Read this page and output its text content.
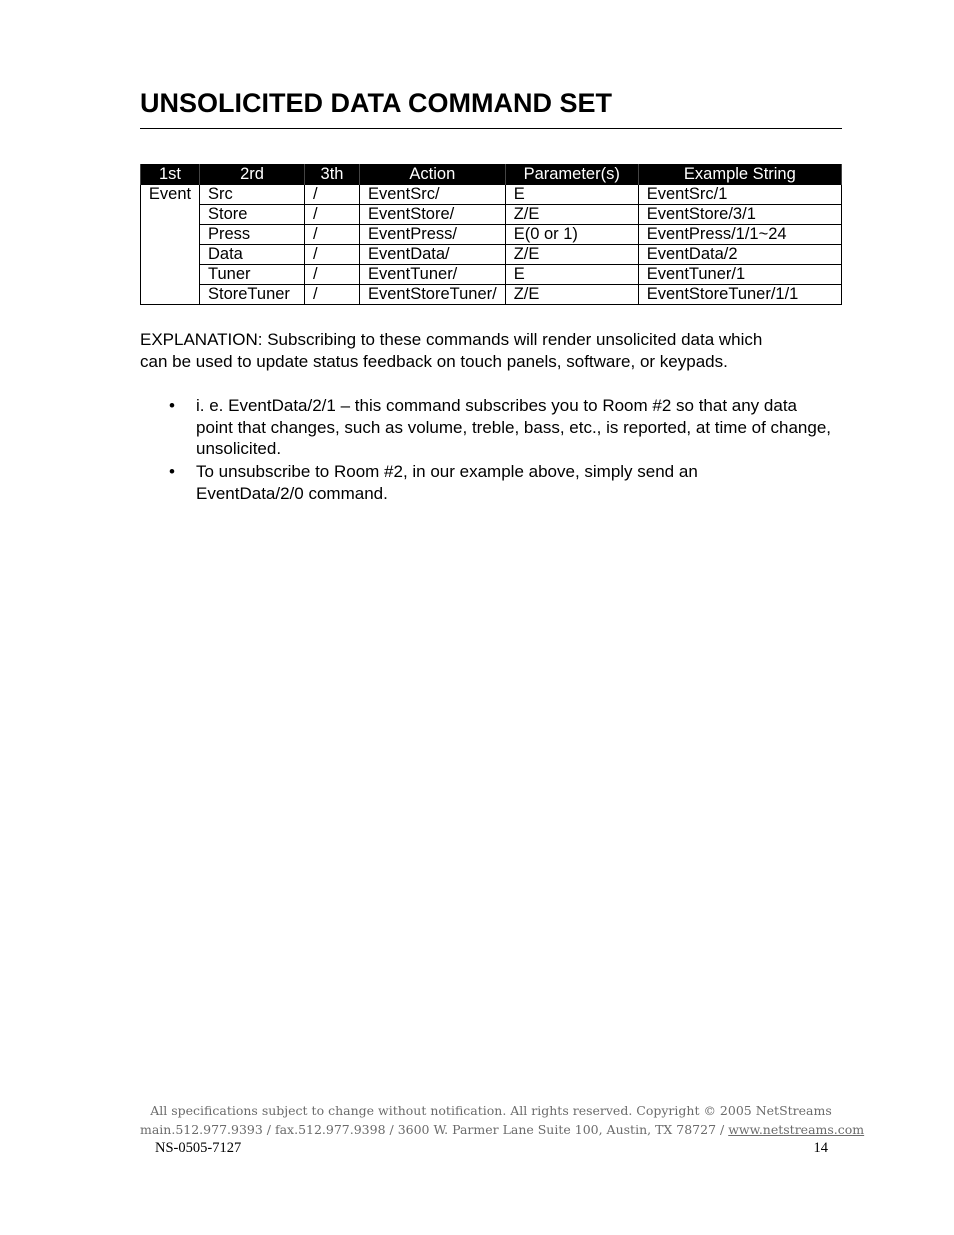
UNSOLICITED DATA COMMAND SET
1st	2rd	3th	Action	Parameter(s)	Example String
Event	Src	/	EventSrc/	E	EventSrc/1
	Store	/	EventStore/	Z/E	EventStore/3/1
	Press	/	EventPress/	E(0 or 1)	EventPress/1/1~24
	Data	/	EventData/	Z/E	EventData/2
	Tuner	/	EventTuner/	E	EventTuner/1
	StoreTuner	/	EventStoreTuner/	Z/E	EventStoreTuner/1/1

EXPLANATION: Subscribing to these commands will render unsolicited data which
can be used to update status feedback on touch panels, software, or keypads.

• i. e. EventData/2/1 – this command subscribes you to Room #2 so that any data
point that changes, such as volume, treble, bass, etc., is reported, at time of change,
unsolicited.
• To unsubscribe to Room #2, in our example above, simply send an
EventData/2/0 command.
All specifications subject to change without notification. All rights reserved. Copyright © 2005 NetStreams
main.512.977.9393 / fax.512.977.9398 / 3600 W. Parmer Lane Suite 100, Austin, TX 78727 / www.netstreams.com
NS-0505-7127	14
